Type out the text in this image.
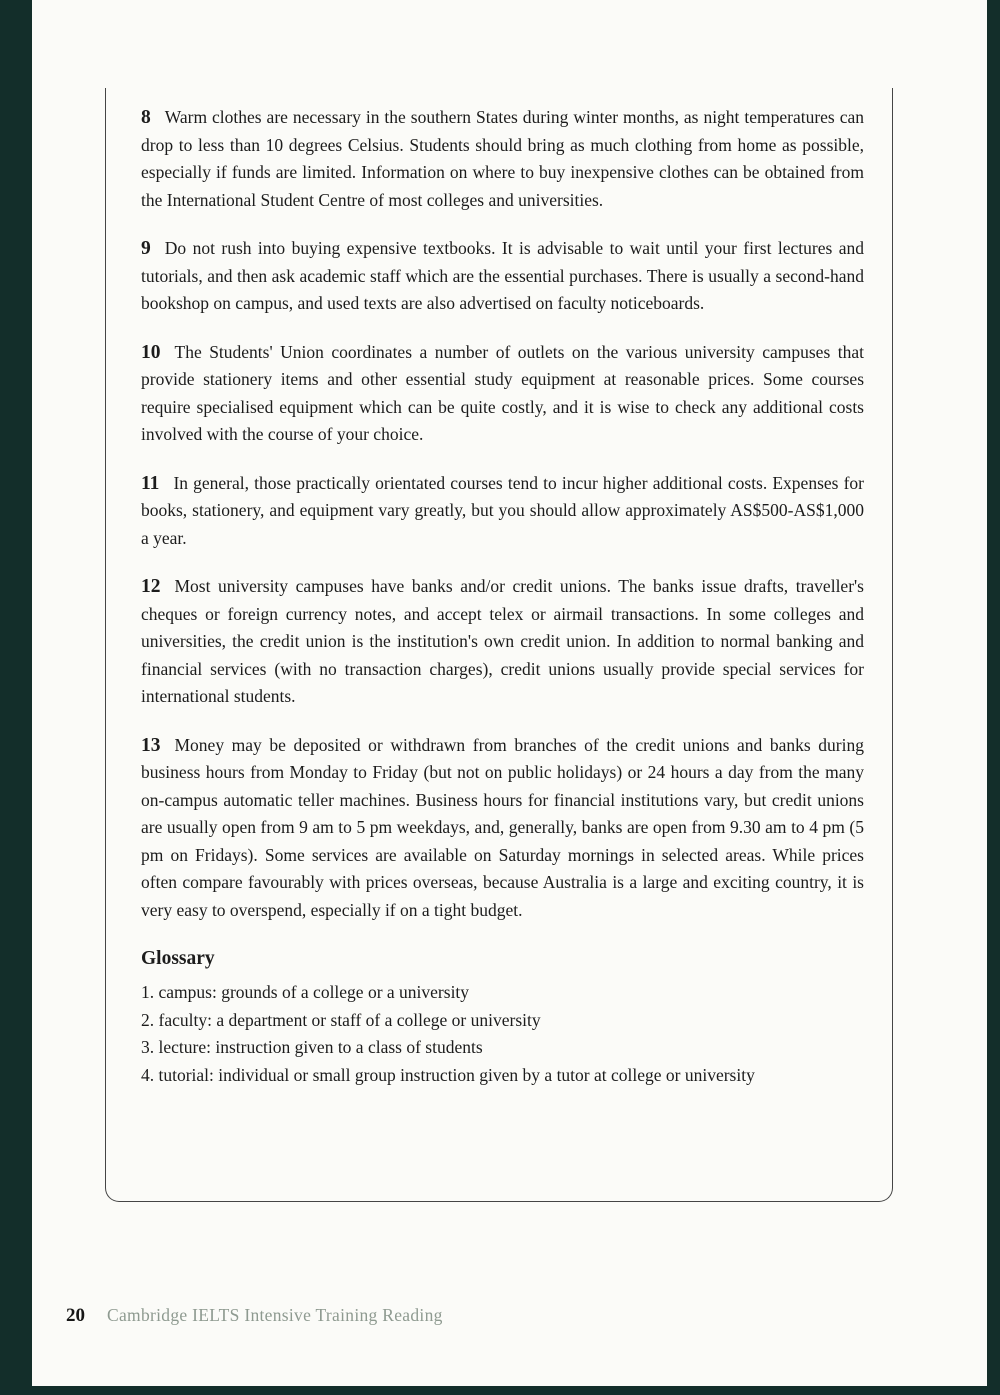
8 Warm clothes are necessary in the southern States during winter months, as night temperatures can drop to less than 10 degrees Celsius. Students should bring as much clothing from home as possible, especially if funds are limited. Information on where to buy inexpensive clothes can be obtained from the International Student Centre of most colleges and universities.

9 Do not rush into buying expensive textbooks. It is advisable to wait until your first lectures and tutorials, and then ask academic staff which are the essential purchases. There is usually a second-hand bookshop on campus, and used texts are also advertised on faculty noticeboards.

10 The Students' Union coordinates a number of outlets on the various university campuses that provide stationery items and other essential study equipment at reasonable prices. Some courses require specialised equipment which can be quite costly, and it is wise to check any additional costs involved with the course of your choice.

11 In general, those practically orientated courses tend to incur higher additional costs. Expenses for books, stationery, and equipment vary greatly, but you should allow approximately AS$500-AS$1,000 a year.

12 Most university campuses have banks and/or credit unions. The banks issue drafts, traveller's cheques or foreign currency notes, and accept telex or airmail transactions. In some colleges and universities, the credit union is the institution's own credit union. In addition to normal banking and financial services (with no transaction charges), credit unions usually provide special services for international students.

13 Money may be deposited or withdrawn from branches of the credit unions and banks during business hours from Monday to Friday (but not on public holidays) or 24 hours a day from the many on-campus automatic teller machines. Business hours for financial institutions vary, but credit unions are usually open from 9 am to 5 pm weekdays, and, generally, banks are open from 9.30 am to 4 pm (5 pm on Fridays). Some services are available on Saturday mornings in selected areas. While prices often compare favourably with prices overseas, because Australia is a large and exciting country, it is very easy to overspend, especially if on a tight budget.

Glossary
1. campus: grounds of a college or a university
2. faculty: a department or staff of a college or university
3. lecture: instruction given to a class of students
4. tutorial: individual or small group instruction given by a tutor at college or university
20 Cambridge IELTS Intensive Training Reading
